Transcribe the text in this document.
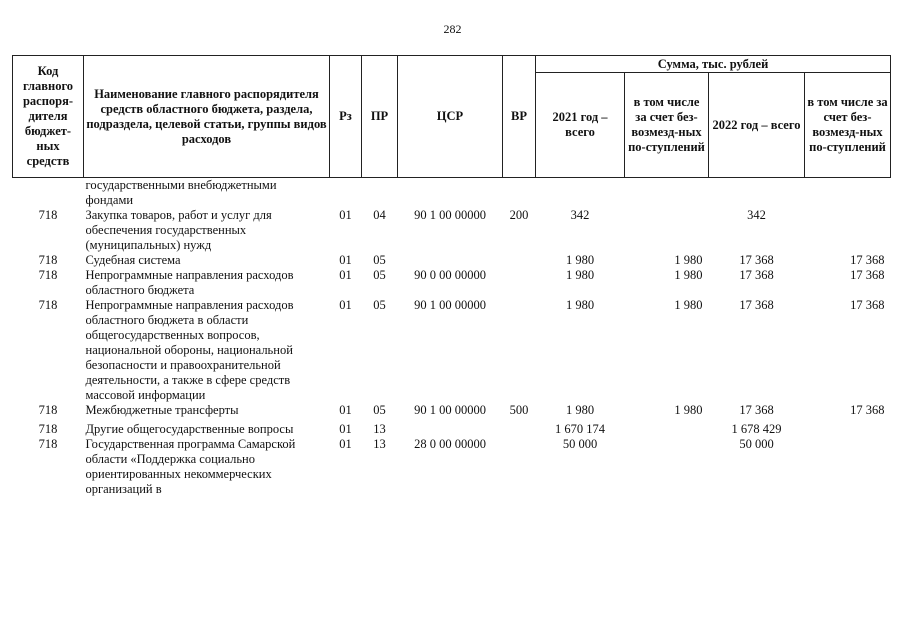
282
Код главного распоря-дителя бюджет-ных средств	Наименование главного распорядителя средств областного бюджета, раздела, подраздела, целевой статьи, группы видов расходов	Рз	ПР	ЦСР	ВР	Сумма, тыс. рублей			
						2021 год – всего	в том числе за счет без-возмезд-ных по-ступлений	2022 год – всего	в том числе за счет без-возмезд-ных по-ступлений
	государственными внебюджетными фондами								
718	Закупка товаров, работ и услуг для обеспечения государственных (муниципальных) нужд	01	04	90 1 00 00000	200	342		342	
718	Судебная система	01	05			1 980	1 980	17 368	17 368
718	Непрограммные направления расходов областного бюджета	01	05	90 0 00 00000		1 980	1 980	17 368	17 368
718	Непрограммные направления расходов областного бюджета в области общегосударственных вопросов, национальной обороны, национальной безопасности и правоохранительной деятельности, а также в сфере средств массовой информации	01	05	90 1 00 00000		1 980	1 980	17 368	17 368
718	Межбюджетные трансферты	01	05	90 1 00 00000	500	1 980	1 980	17 368	17 368
718	Другие общегосударственные вопросы	01	13			1 670 174		1 678 429	
718	Государственная программа Самарской области «Поддержка социально ориентированных некоммерческих организаций в	01	13	28 0 00 00000		50 000		50 000	
